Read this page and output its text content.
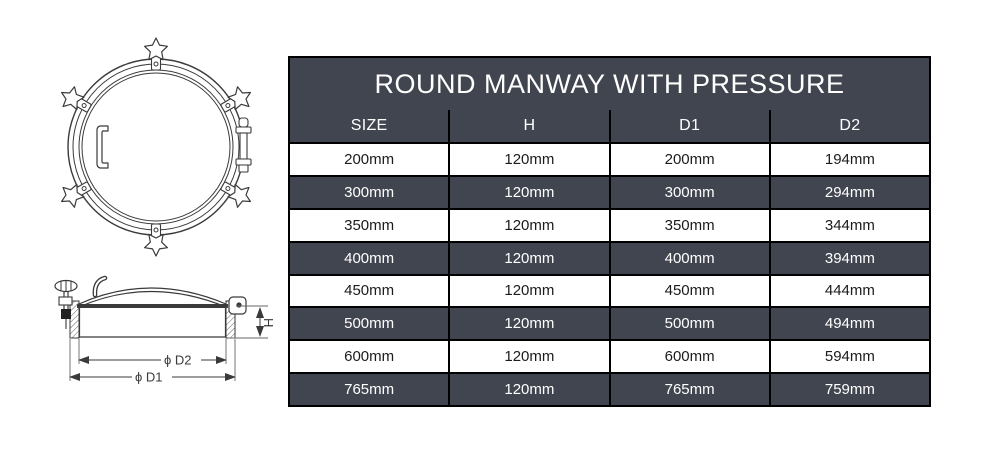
ϕ D2
ϕ D1
H
ROUND MANWAY WITH PRESSURE
SIZE	H	D1	D2
200mm	120mm	200mm	194mm
300mm	120mm	300mm	294mm
350mm	120mm	350mm	344mm
400mm	120mm	400mm	394mm
450mm	120mm	450mm	444mm
500mm	120mm	500mm	494mm
600mm	120mm	600mm	594mm
765mm	120mm	765mm	759mm
